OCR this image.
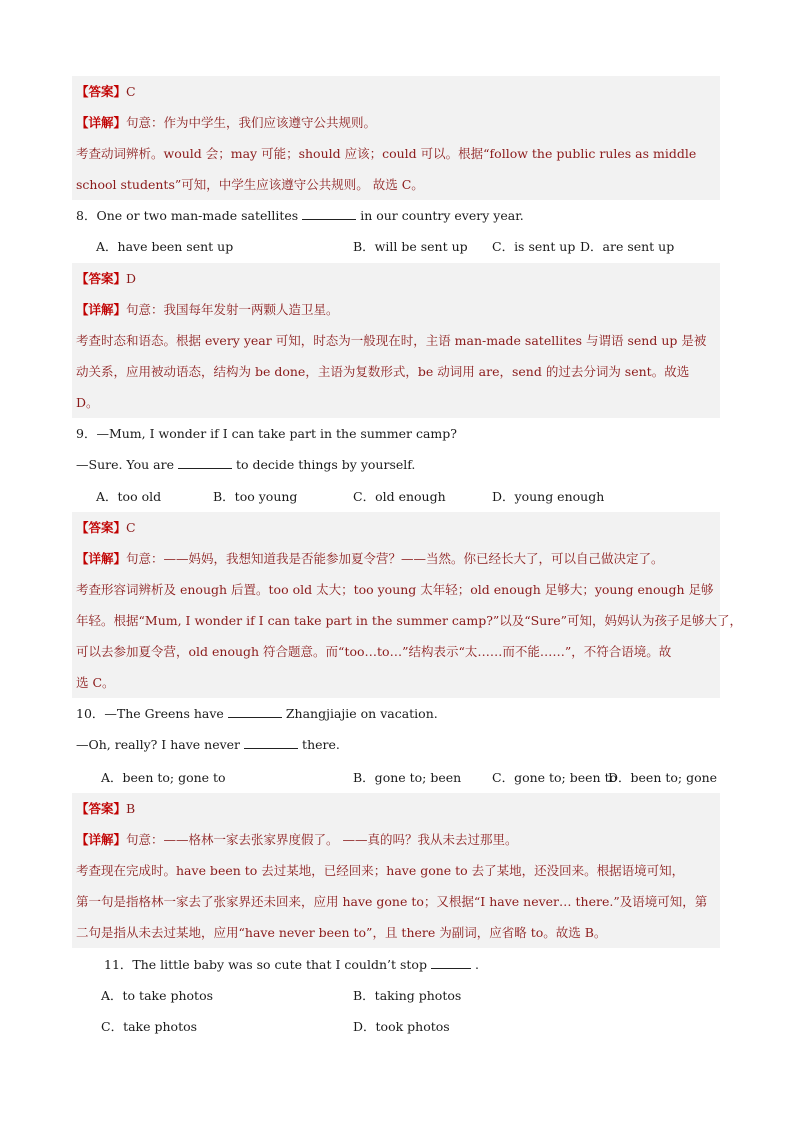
【答案】C
【详解】句意：作为中学生，我们应该遵守公共规则。
考查动词辨析。would 会；may 可能；should 应该；could 可以。根据“follow the public rules as middle
school students”可知，中学生应该遵守公共规则。 故选 C。
8．One or two man-made satellites	in our country every year.
A．have been sent up	B．will be sent up C．is sent up D．are sent up
【答案】D
【详解】句意：我国每年发射一两颗人造卫星。
考查时态和语态。根据 every year 可知，时态为一般现在时，主语 man-made satellites 与谓语 send up 是被
动关系，应用被动语态，结构为 be done，主语为复数形式，be 动词用 are，send 的过去分词为 sent。故选
D。
9．—Mum, I wonder if I can take part in the summer camp?
—Sure. You are	to decide things by yourself.
A．too old	B．too young	C．old enough	D．young enough
【答案】C
【详解】句意：——妈妈，我想知道我是否能参加夏令营？——当然。你已经长大了，可以自己做决定了。
考查形容词辨析及 enough 后置。too old 太大；too young 太年轻；old enough 足够大；young enough 足够
年轻。根据“Mum, I wonder if I can take part in the summer camp?”以及“Sure”可知，妈妈认为孩子足够大了，
可以去参加夏令营，old enough 符合题意。而“too…to…”结构表示“太……而不能……”，不符合语境。故
选 C。
10．—The Greens have	Zhangjiajie on vacation.
—Oh, really? I have never	there.
A．been to; gone to	B．gone to; been C．gone to; been to
D．been to; gone
【答案】B
【详解】句意：——格林一家去张家界度假了。 ——真的吗？我从未去过那里。
考查现在完成时。have been to 去过某地，已经回来；have gone to 去了某地，还没回来。根据语境可知，
第一句是指格林一家去了张家界还未回来，应用 have gone to；又根据“I have never… there.”及语境可知，第
二句是指从未去过某地，应用“have never been to”，且 there 为副词，应省略 to。故选 B。
11．The little baby was so cute that I couldn’t stop	.
A．to take photos	B．taking photos
C．take photos	D．took photos
